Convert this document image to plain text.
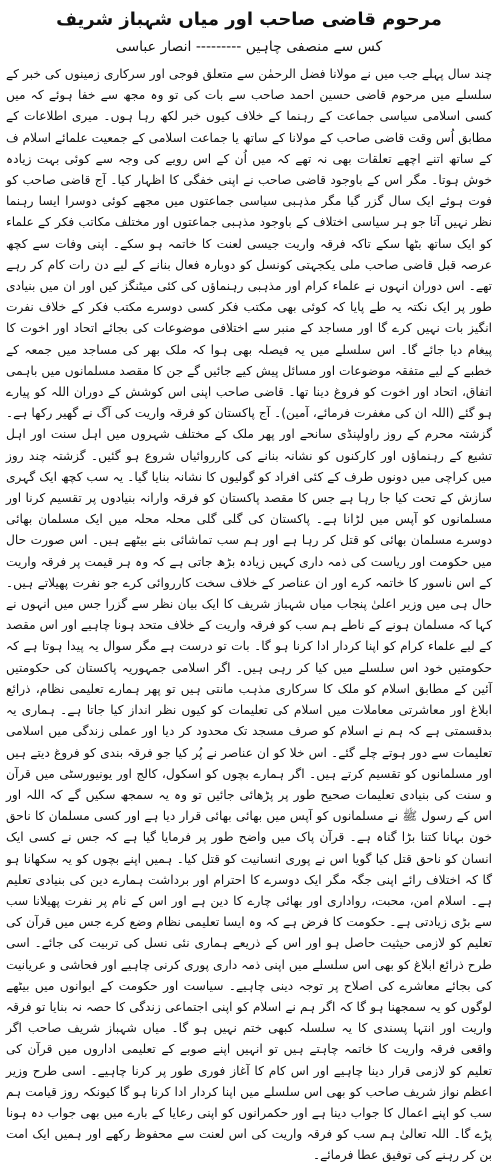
مرحوم قاضی صاحب اور میاں شہباز شریف
کس سے منصفی چاہیں --------- انصار عباسی

چند سال پہلے جب میں نے مولانا فضل الرحمٰن سے متعلق فوجی اور سرکاری زمینوں کی خبر کے سلسلے میں مرحوم قاضی حسین احمد صاحب سے بات کی تو وہ مجھ سے خفا ہوئے کہ میں کسی اسلامی سیاسی جماعت کے رہنما کے خلاف کیوں خبر لکھ رہا ہوں۔ میری اطلاعات کے مطابق اُس وقت قاضی صاحب کے مولانا کے ساتھ یا جماعت اسلامی کے جمعیت علمائے اسلام ف کے ساتھ اتنے اچھے تعلقات بھی نہ تھے کہ میں اُن کے اس رویے کی وجہ سے کوئی بہت زیادہ خوش ہوتا۔ مگر اس کے باوجود قاضی صاحب نے اپنی خفگی کا اظہار کیا۔ آج قاضی صاحب کو فوت ہوئے ایک سال گزر گیا مگر مذہبی سیاسی جماعتوں میں مجھے کوئی دوسرا ایسا رہنما نظر نہیں آتا جو ہر سیاسی اختلاف کے باوجود مذہبی جماعتوں اور مختلف مکاتب فکر کے علماء کو ایک ساتھ بٹھا سکے تاکہ فرقہ واریت جیسی لعنت کا خاتمہ ہو سکے۔ اپنی وفات سے کچھ عرصہ قبل قاضی صاحب ملی یکجہتی کونسل کو دوبارہ فعال بنانے کے لیے دن رات کام کر رہے تھے۔ اس دوران انہوں نے علماء کرام اور مذہبی رہنماؤں کی کئی میٹنگز کیں اور ان میں بنیادی طور پر ایک نکتہ یہ طے پایا کہ کوئی بھی مکتب فکر کسی دوسرے مکتب فکر کے خلاف نفرت انگیز بات نہیں کرے گا اور مساجد کے منبر سے اختلافی موضوعات کی بجائے اتحاد اور اخوت کا پیغام دیا جائے گا۔ اس سلسلے میں یہ فیصلہ بھی ہوا کہ ملک بھر کی مساجد میں جمعہ کے خطبے کے لیے متفقہ موضوعات اور مسائل پیش کیے جائیں گے جن کا مقصد مسلمانوں میں باہمی اتفاق، اتحاد اور اخوت کو فروغ دینا تھا۔ قاضی صاحب اپنی اس کوشش کے دوران اللہ کو پیارے ہو گئے (اللہ ان کی مغفرت فرمائے، آمین)۔ آج پاکستان کو فرقہ واریت کی آگ نے گھیر رکھا ہے۔ گزشتہ محرم کے روز راولپنڈی سانحے اور پھر ملک کے مختلف شہروں میں اہل سنت اور اہل تشیع کے رہنماؤں اور کارکنوں کو نشانہ بنانے کی کارروائیاں شروع ہو گئیں۔ گزشتہ چند روز میں کراچی میں دونوں طرف کے کئی افراد کو گولیوں کا نشانہ بنایا گیا۔ یہ سب کچھ ایک گہری سازش کے تحت کیا جا رہا ہے جس کا مقصد پاکستان کو فرقہ وارانہ بنیادوں پر تقسیم کرنا اور مسلمانوں کو آپس میں لڑانا ہے۔ پاکستان کی گلی گلی محلہ محلہ میں ایک مسلمان بھائی دوسرے مسلمان بھائی کو قتل کر رہا ہے اور ہم سب تماشائی بنے بیٹھے ہیں۔ اس صورت حال میں حکومت اور ریاست کی ذمہ داری کہیں زیادہ بڑھ جاتی ہے کہ وہ ہر قیمت پر فرقہ واریت کے اس ناسور کا خاتمہ کرے اور ان عناصر کے خلاف سخت کارروائی کرے جو نفرت پھیلاتے ہیں۔ حال ہی میں وزیر اعلیٰ پنجاب میاں شہباز شریف کا ایک بیان نظر سے گزرا جس میں انہوں نے کہا کہ مسلمان ہونے کے ناطے ہم سب کو فرقہ واریت کے خلاف متحد ہونا چاہیے اور اس مقصد کے لیے علماء کرام کو اپنا کردار ادا کرنا ہو گا۔ بات تو درست ہے مگر سوال یہ پیدا ہوتا ہے کہ حکومتیں خود اس سلسلے میں کیا کر رہی ہیں۔ اگر اسلامی جمہوریہ پاکستان کی حکومتیں آئین کے مطابق اسلام کو ملک کا سرکاری مذہب مانتی ہیں تو پھر ہمارے تعلیمی نظام، ذرائع ابلاغ اور معاشرتی معاملات میں اسلام کی تعلیمات کو کیوں نظر انداز کیا جاتا ہے۔ ہماری یہ بدقسمتی ہے کہ ہم نے اسلام کو صرف مسجد تک محدود کر دیا اور عملی زندگی میں اسلامی تعلیمات سے دور ہوتے چلے گئے۔ اس خلا کو ان عناصر نے پُر کیا جو فرقہ بندی کو فروغ دیتے ہیں اور مسلمانوں کو تقسیم کرتے ہیں۔ اگر ہمارے بچوں کو اسکول، کالج اور یونیورسٹی میں قرآن و سنت کی بنیادی تعلیمات صحیح طور پر پڑھائی جائیں تو وہ یہ سمجھ سکیں گے کہ اللہ اور اس کے رسول ﷺ نے مسلمانوں کو آپس میں بھائی بھائی قرار دیا ہے اور کسی مسلمان کا ناحق خون بہانا کتنا بڑا گناہ ہے۔ قرآن پاک میں واضح طور پر فرمایا گیا ہے کہ جس نے کسی ایک انسان کو ناحق قتل کیا گویا اس نے پوری انسانیت کو قتل کیا۔ ہمیں اپنے بچوں کو یہ سکھانا ہو گا کہ اختلاف رائے اپنی جگہ مگر ایک دوسرے کا احترام اور برداشت ہمارے دین کی بنیادی تعلیم ہے۔ اسلام امن، محبت، رواداری اور بھائی چارے کا دین ہے اور اس کے نام پر نفرت پھیلانا سب سے بڑی زیادتی ہے۔ حکومت کا فرض ہے کہ وہ ایسا تعلیمی نظام وضع کرے جس میں قرآن کی تعلیم کو لازمی حیثیت حاصل ہو اور اس کے ذریعے ہماری نئی نسل کی تربیت کی جائے۔ اسی طرح ذرائع ابلاغ کو بھی اس سلسلے میں اپنی ذمہ داری پوری کرنی چاہیے اور فحاشی و عریانیت کی بجائے معاشرے کی اصلاح پر توجہ دینی چاہیے۔ سیاست اور حکومت کے ایوانوں میں بیٹھے لوگوں کو یہ سمجھنا ہو گا کہ اگر ہم نے اسلام کو اپنی اجتماعی زندگی کا حصہ نہ بنایا تو فرقہ واریت اور انتہا پسندی کا یہ سلسلہ کبھی ختم نہیں ہو گا۔ میاں شہباز شریف صاحب اگر واقعی فرقہ واریت کا خاتمہ چاہتے ہیں تو انہیں اپنے صوبے کے تعلیمی اداروں میں قرآن کی تعلیم کو لازمی قرار دینا چاہیے اور اس کام کا آغاز فوری طور پر کرنا چاہیے۔ اسی طرح وزیر اعظم نواز شریف صاحب کو بھی اس سلسلے میں اپنا کردار ادا کرنا ہو گا کیونکہ روز قیامت ہم سب کو اپنے اعمال کا جواب دینا ہے اور حکمرانوں کو اپنی رعایا کے بارے میں بھی جواب دہ ہونا پڑے گا۔ اللہ تعالیٰ ہم سب کو فرقہ واریت کی اس لعنت سے محفوظ رکھے اور ہمیں ایک امت بن کر رہنے کی توفیق عطا فرمائے۔
